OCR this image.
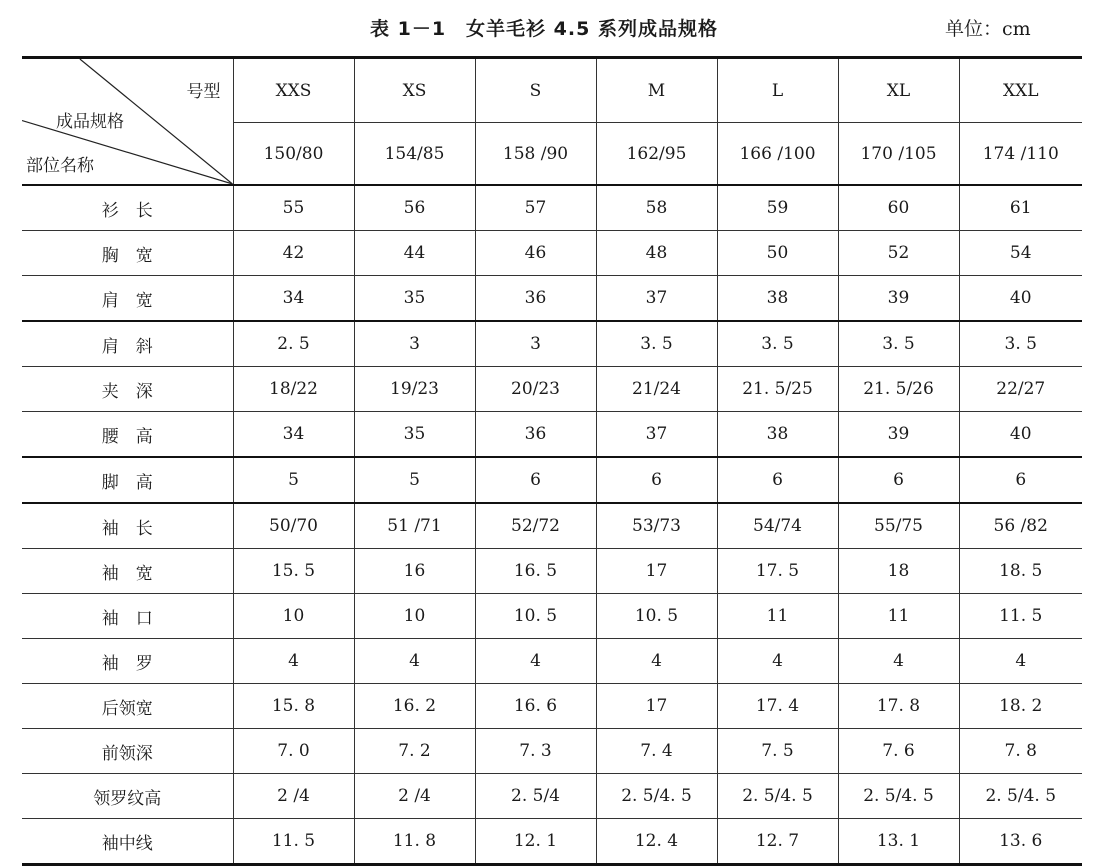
表 1－1　女羊毛衫 4.5 系列成品规格	单位：cm
号型
成品规格
部位名称	XXS	XS	S	M	L	XL	XXL
	150/80	154/85	158 /90	162/95	166 /100	170 /105	174 /110
衫　长	55	56	57	58	59	60	61
胸　宽	42	44	46	48	50	52	54
肩　宽	34	35	36	37	38	39	40
肩　斜	2. 5	3	3	3. 5	3. 5	3. 5	3. 5
夹　深	18/22	19/23	20/23	21/24	21. 5/25	21. 5/26	22/27
腰　高	34	35	36	37	38	39	40
脚　高	5	5	6	6	6	6	6
袖　长	50/70	51 /71	52/72	53/73	54/74	55/75	56 /82
袖　宽	15. 5	16	16. 5	17	17. 5	18	18. 5
袖　口	10	10	10. 5	10. 5	11	11	11. 5
袖　罗	4	4	4	4	4	4	4
后领宽	15. 8	16. 2	16. 6	17	17. 4	17. 8	18. 2
前领深	7. 0	7. 2	7. 3	7. 4	7. 5	7. 6	7. 8
领罗纹高	2 /4	2 /4	2. 5/4	2. 5/4. 5	2. 5/4. 5	2. 5/4. 5	2. 5/4. 5
袖中线	11. 5	11. 8	12. 1	12. 4	12. 7	13. 1	13. 6
